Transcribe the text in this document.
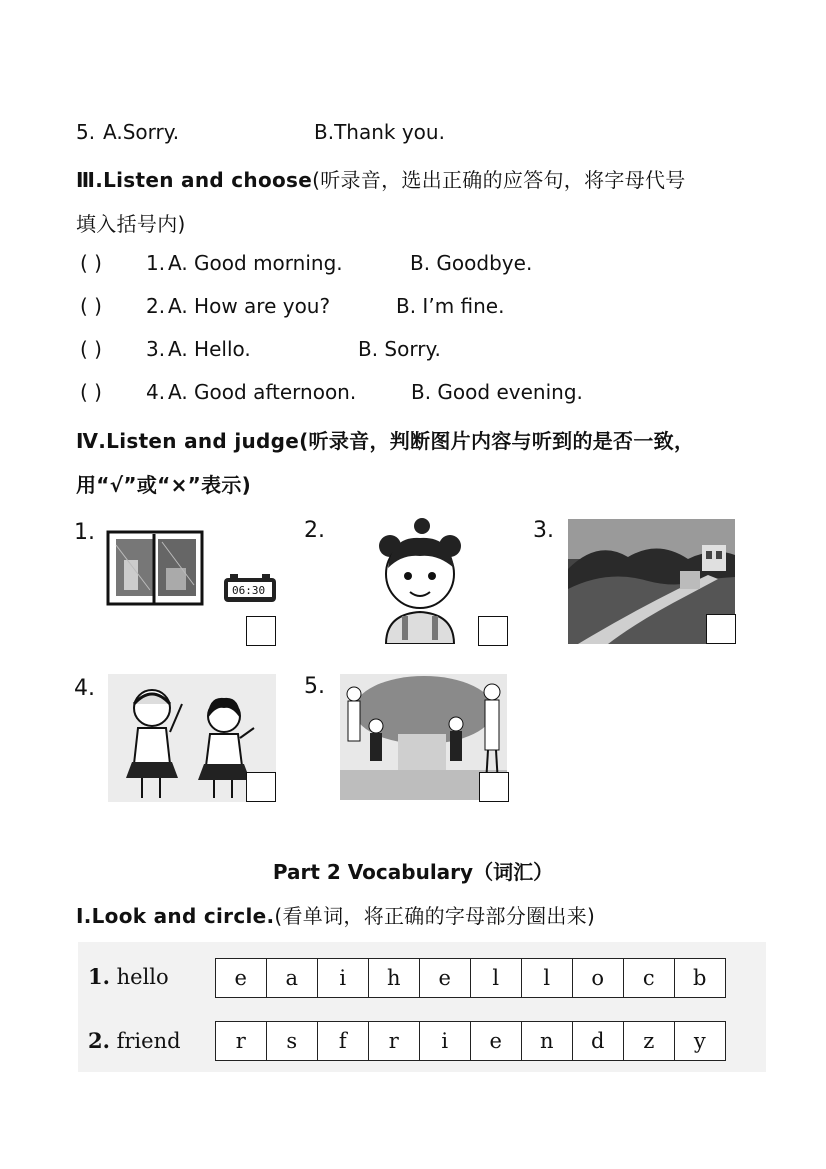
5. A.Sorry.	B.Thank you.
Ⅲ.Listen and choose(听录音，选出正确的应答句，将字母代号
填入括号内)
( ) 1. A. Good morning.	B. Goodbye.
( ) 2. A. How are you?	B. I’m fine.
( ) 3. A. Hello.	B. Sorry.
( ) 4. A. Good afternoon.	B. Good evening.
Ⅳ.Listen and judge(听录音，判断图片内容与听到的是否一致，
用“√”或“×”表示)
1.
06:30
2.	3.
4.	5.
Part 2 Vocabulary（词汇）
Ⅰ.Look and circle.(看单词，将正确的字母部分圈出来)
1. hello	e	a	i	h	e	l	l	o	c	b
2. friend	r	s	f	r	i	e	n	d	z	y
